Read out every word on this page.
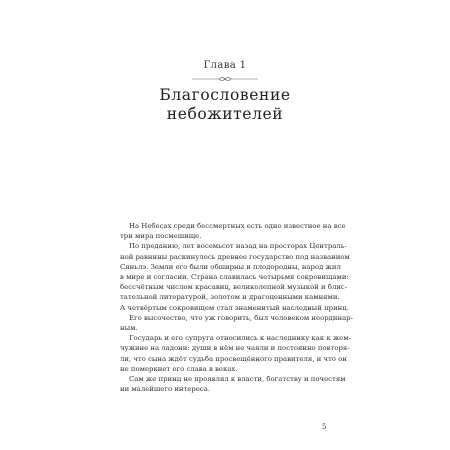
Глава 1
Благословение
небожителей

На Небесах среди бессмертных есть одно известное на все
три мира посмешище.

По преданию, лет восемьсот назад на просторах Централь-
ной равнины раскинулось древнее государство под названием
Сяньлэ. Земли его были обширны и плодородны, народ жил
в мире и согласии. Страна славилась четырьмя сокровищами:
бессчётным числом красавиц, великолепной музыкой и блис-
тательной литературой, золотом и драгоценными камнями.
А четвёртым сокровищем стал знаменитый наследный принц.

Его высочество, что уж говорить, был человеком неординар-
ным.

Государь и его супруга относились к наследнику как к жем-
чужине на ладони: души в нём не чаяли и постоянно повторя-
ли, что сына ждёт судьба просвещённого правителя, и что он
не померкнет его слава в веках.

Сам же принц не проявлял к власти, богатству и почестям
ни малейшего интереса.

5
